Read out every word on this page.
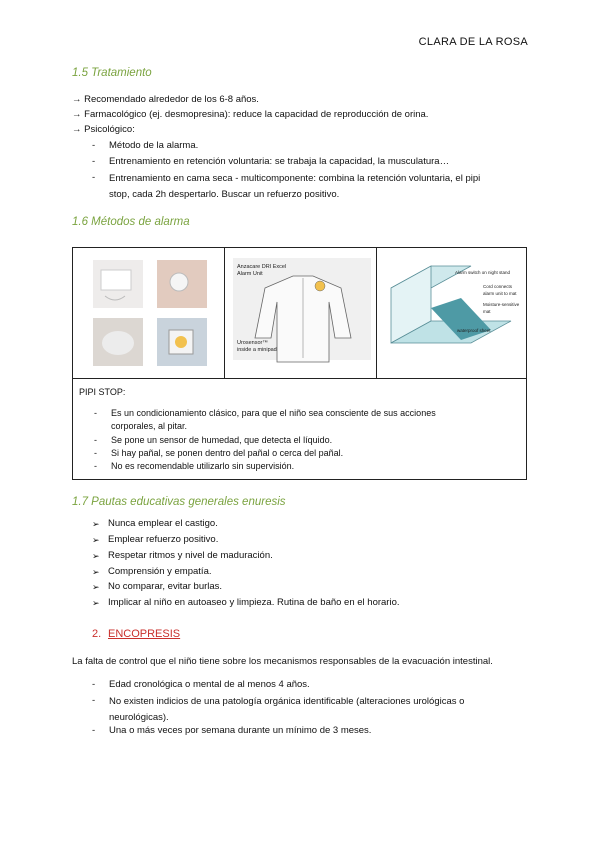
CLARA DE LA ROSA
1.5 Tratamiento
→ Recomendado alrededor de los 6-8 años.
→ Farmacológico (ej. desmopresina): reduce la capacidad de reproducción de orina.
→ Psicológico:
- Método de la alarma.
- Entrenamiento en retención voluntaria: se trabaja la capacidad, la musculatura…
- Entrenamiento en cama seca - multicomponente: combina la retención voluntaria, el pipi stop, cada 2h despertarlo. Buscar un refuerzo positivo.
1.6 Métodos de alarma
Anzacare DRI Excel
Alarm Unit
Urosensor™
inside a minipad
Alarm switch on night stand
Cord connects
alarm unit to mat
Moisture-sensitive
mat
waterproof sheet
PIPI STOP:
- Es un condicionamiento clásico, para que el niño sea consciente de sus acciones corporales, al pitar.
- Se pone un sensor de humedad, que detecta el líquido.
- Si hay pañal, se ponen dentro del pañal o cerca del pañal.
- No es recomendable utilizarlo sin supervisión.
1.7 Pautas educativas generales enuresis
➢ Nunca emplear el castigo.
➢ Emplear refuerzo positivo.
➢ Respetar ritmos y nivel de maduración.
➢ Comprensión y empatía.
➢ No comparar, evitar burlas.
➢ Implicar al niño en autoaseo y limpieza. Rutina de baño en el horario.
2. ENCOPRESIS
La falta de control que el niño tiene sobre los mecanismos responsables de la evacuación intestinal.
- Edad cronológica o mental de al menos 4 años.
- No existen indicios de una patología orgánica identificable (alteraciones urológicas o neurológicas).
- Una o más veces por semana durante un mínimo de 3 meses.
